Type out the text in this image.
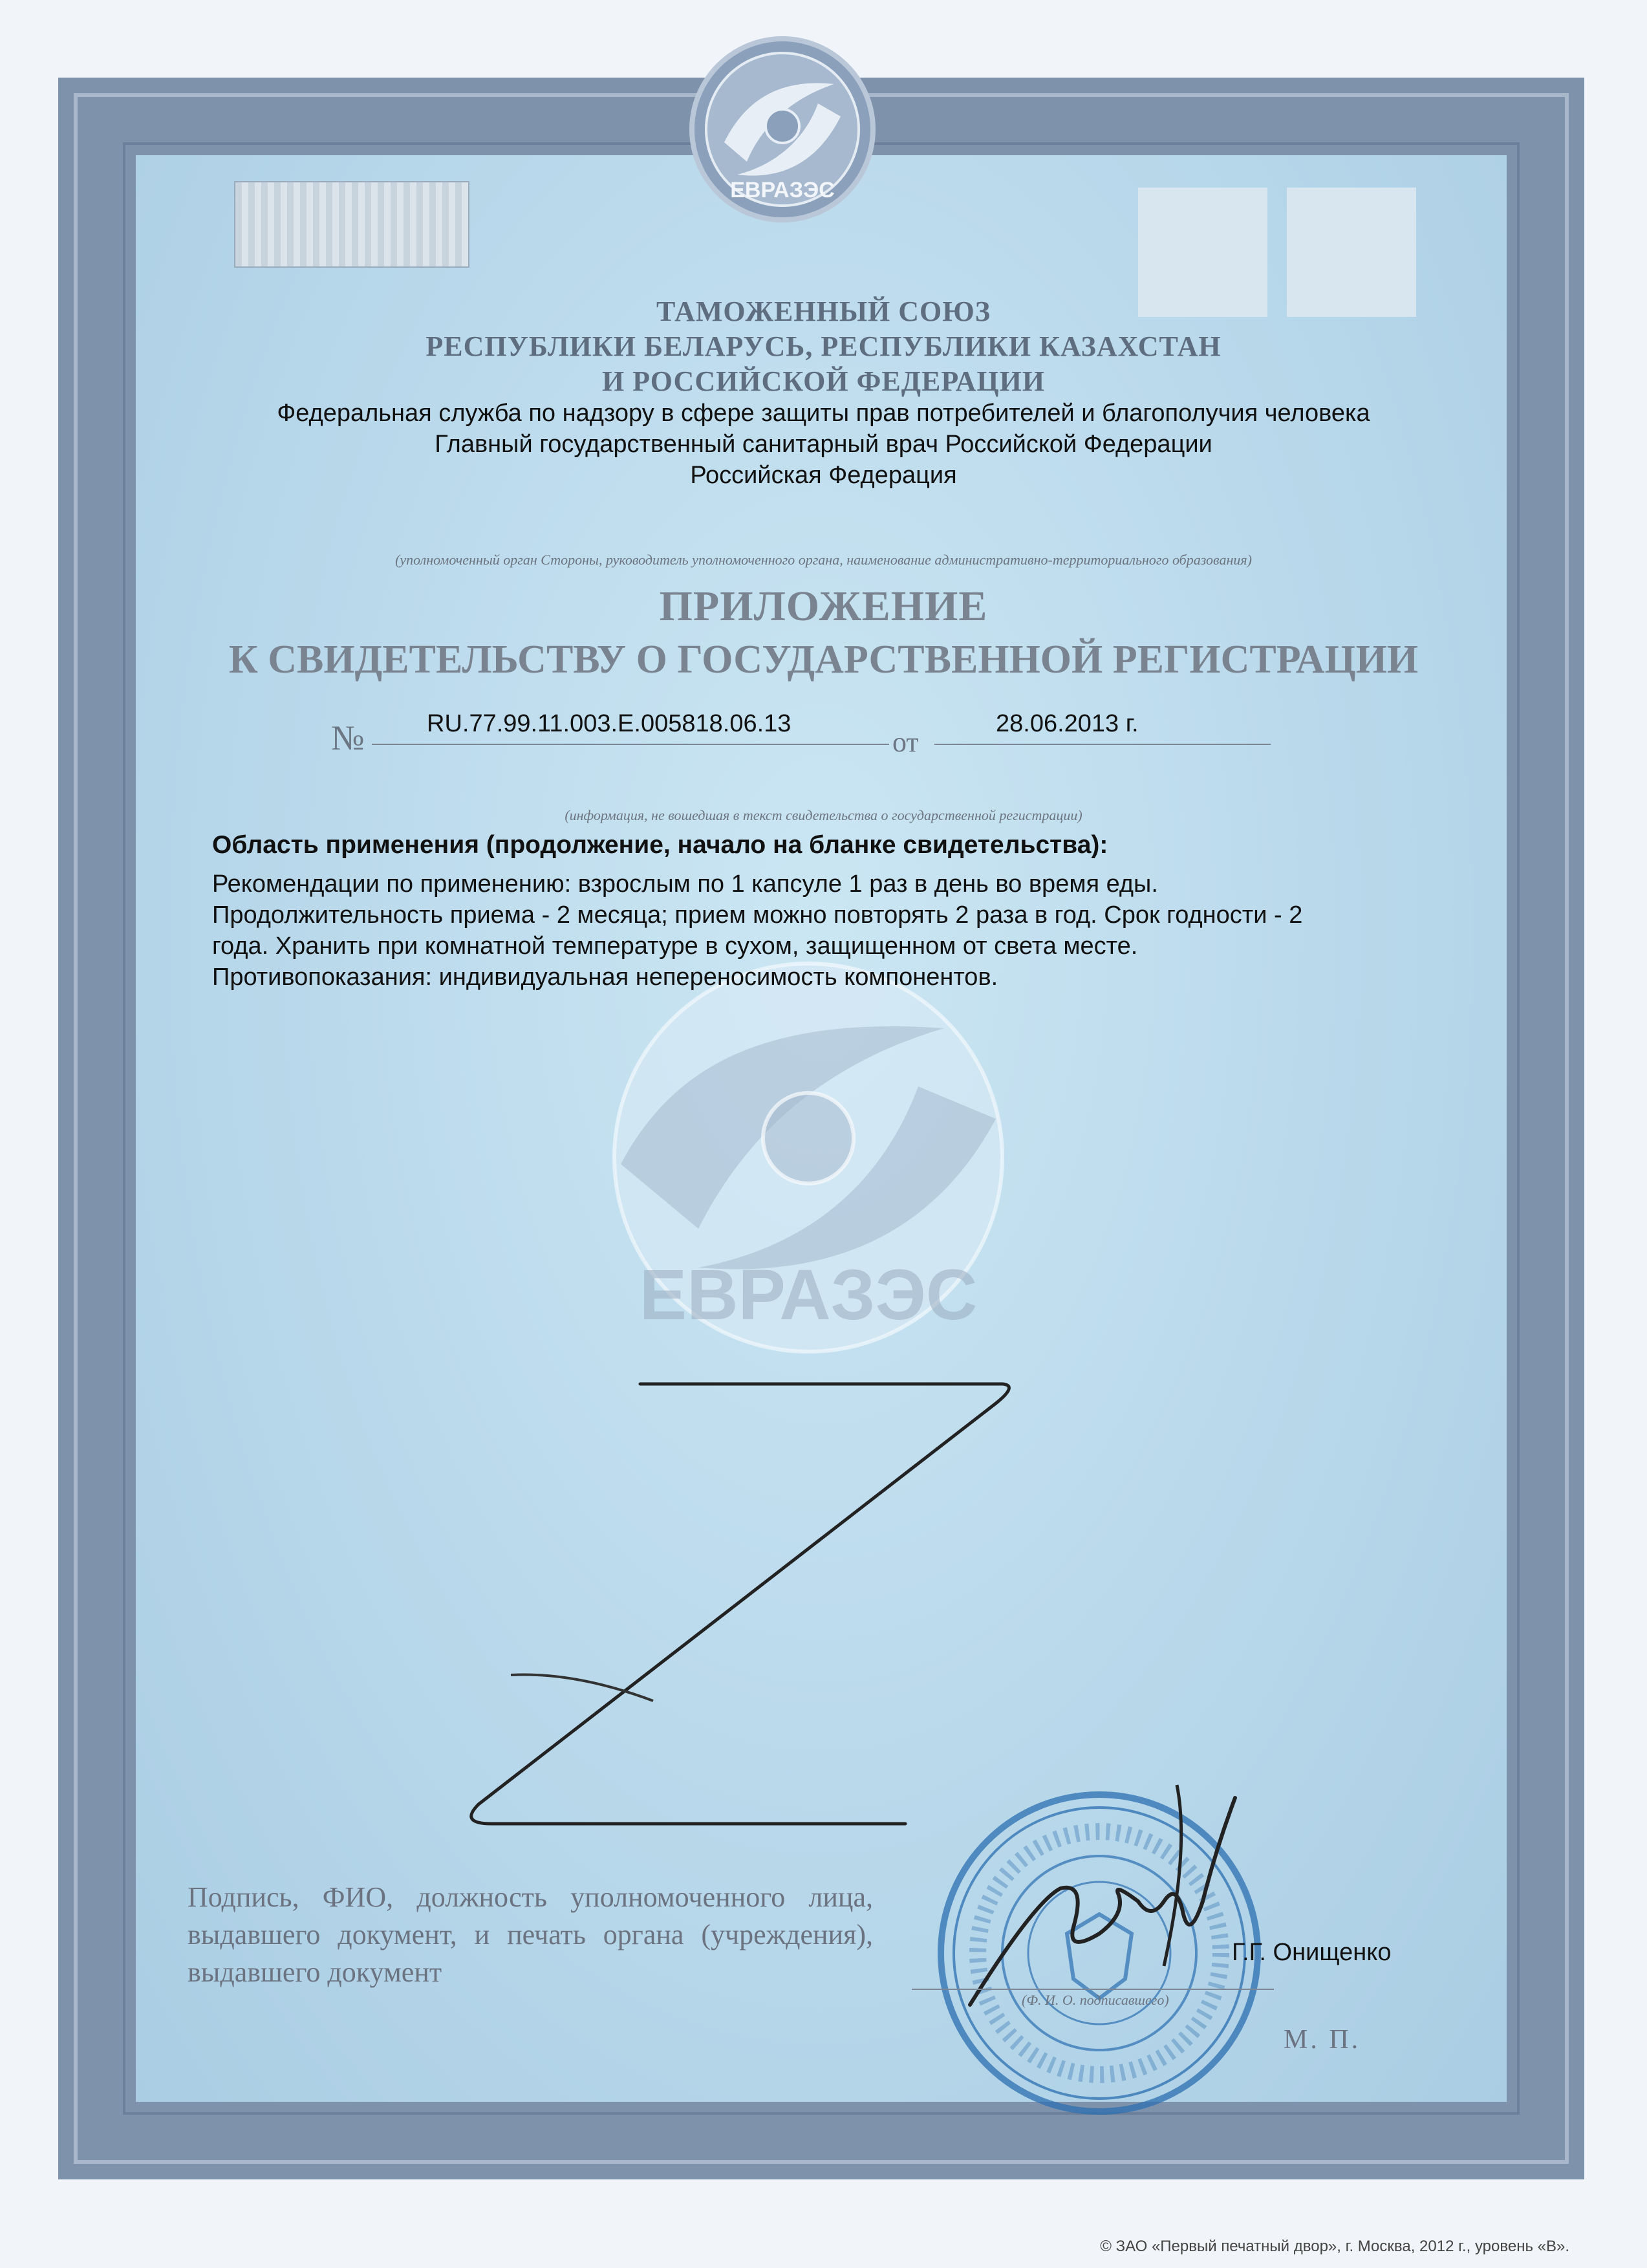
ЕВРАЗЭС
ЕВРАЗЭС
ТАМОЖЕННЫЙ СОЮЗ
РЕСПУБЛИКИ БЕЛАРУСЬ, РЕСПУБЛИКИ КАЗАХСТАН
И РОССИЙСКОЙ ФЕДЕРАЦИИ
Федеральная служба по надзору в сфере защиты прав потребителей и благополучия человека
Главный государственный санитарный врач Российской Федерации
Российская Федерация
(уполномоченный орган Стороны, руководитель уполномоченного органа, наименование административно-территориального образования)
ПРИЛОЖЕНИЕ
К СВИДЕТЕЛЬСТВУ О ГОСУДАРСТВЕННОЙ РЕГИСТРАЦИИ
№	RU.77.99.11.003.E.005818.06.13
от
28.06.2013 г.
(информация, не вошедшая в текст свидетельства о государственной регистрации)
Область применения (продолжение, начало на бланке свидетельства):
Рекомендации по применению: взрослым по 1 капсуле 1 раз в день во время еды.
Продолжительность приема - 2 месяца; прием можно повторять 2 раза в год. Срок годности - 2
года. Хранить при комнатной температуре в сухом, защищенном от света месте.
Противопоказания: индивидуальная непереносимость компонентов.
Подпись, ФИО, должность уполномоченного лица, выдавшего документ, и печать органа (учреждения), выдавшего документ
Г.Г. Онищенко
(Ф. И. О. подписавшего)
М. П.
© ЗАО «Первый печатный двор», г. Москва, 2012 г., уровень «В».
